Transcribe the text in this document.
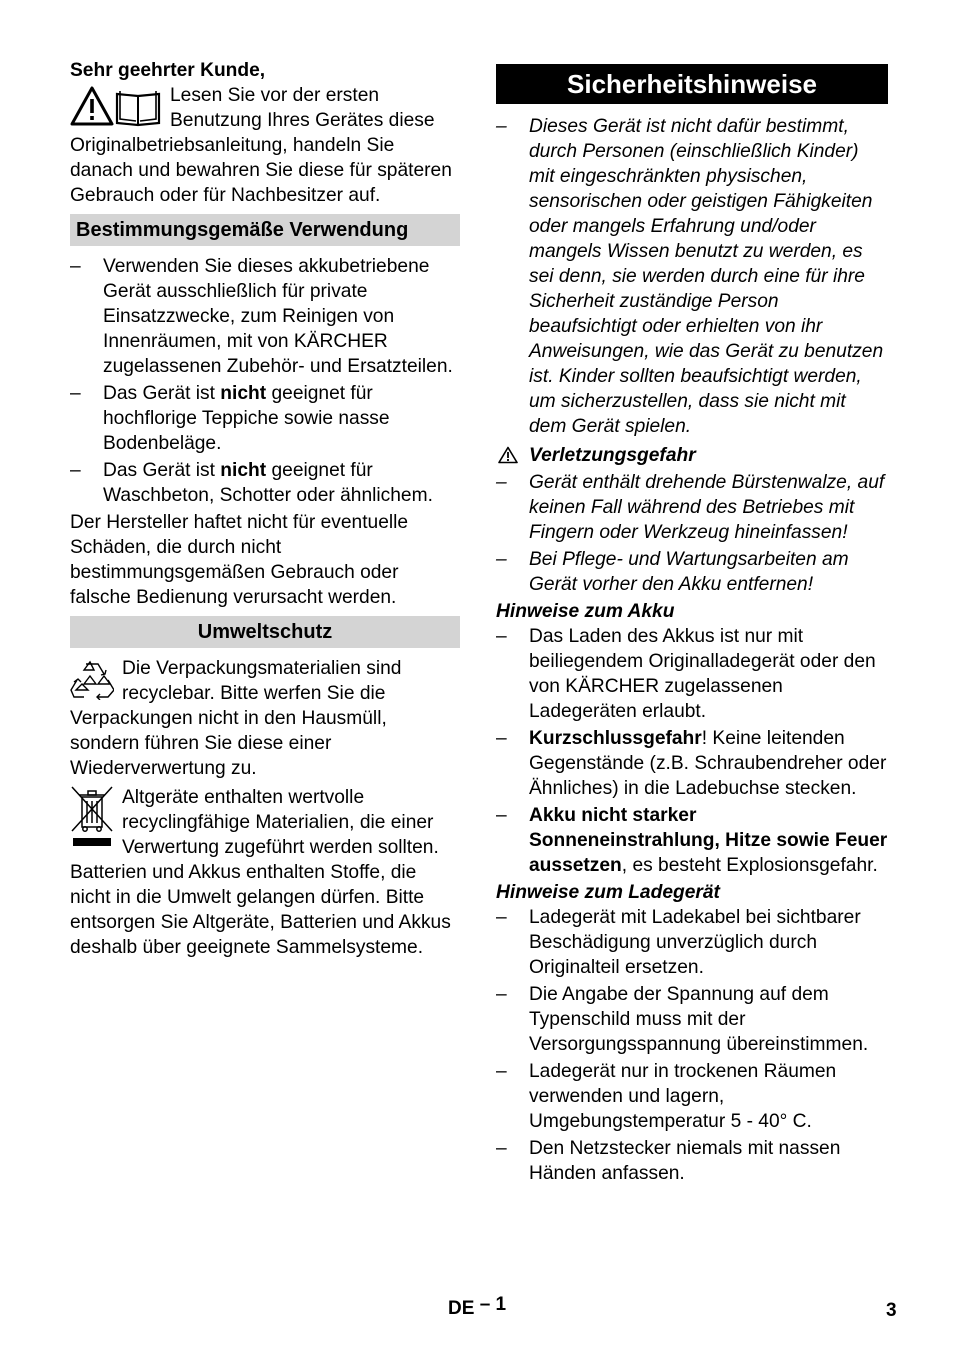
Sehr geehrter Kunde,

Lesen Sie vor der ersten Benutzung Ihres Gerätes diese Originalbetriebsanleitung, handeln Sie danach und bewahren Sie diese für späteren Gebrauch oder für Nachbesitzer auf.

Bestimmungsgemäße Verwendung
– Verwenden Sie dieses akkubetriebene Gerät ausschließlich für private Einsatzzwecke, zum Reinigen von Innenräumen, mit von KÄRCHER zugelassenen Zubehör- und Ersatzteilen.
– Das Gerät ist nicht geeignet für hochflorige Teppiche sowie nasse Bodenbeläge.
– Das Gerät ist nicht geeignet für Waschbeton, Schotter oder ähnlichem.

Der Hersteller haftet nicht für eventuelle Schäden, die durch nicht bestimmungsgemäßen Gebrauch oder falsche Bedienung verursacht werden.

Umweltschutz

Die Verpackungsmaterialien sind recyclebar. Bitte werfen Sie die Verpackungen nicht in den Hausmüll, sondern führen Sie diese einer Wiederverwertung zu.

Altgeräte enthalten wertvolle recyclingfähige Materialien, die einer Verwertung zugeführt werden sollten. Batterien und Akkus enthalten Stoffe, die nicht in die Umwelt gelangen dürfen. Bitte entsorgen Sie Altgeräte, Batterien und Akkus deshalb über geeignete Sammelsysteme.

Sicherheitshinweise
– Dieses Gerät ist nicht dafür bestimmt, durch Personen (einschließlich Kinder) mit eingeschränkten physischen, sensorischen oder geistigen Fähigkeiten oder mangels Erfahrung und/oder mangels Wissen benutzt zu werden, es sei denn, sie werden durch eine für ihre Sicherheit zuständige Person beaufsichtigt oder erhielten von ihr Anweisungen, wie das Gerät zu benutzen ist. Kinder sollten beaufsichtigt werden, um sicherzustellen, dass sie nicht mit dem Gerät spielen.
Verletzungsgefahr
– Gerät enthält drehende Bürstenwalze, auf keinen Fall während des Betriebes mit Fingern oder Werkzeug hineinfassen!
– Bei Pflege- und Wartungsarbeiten am Gerät vorher den Akku entfernen!

Hinweise zum Akku

– Das Laden des Akkus ist nur mit beiliegendem Originalladegerät oder den von KÄRCHER zugelassenen Ladegeräten erlaubt.
– Kurzschlussgefahr! Keine leitenden Gegenstände (z.B. Schraubendreher oder Ähnliches) in die Ladebuchse stecken.
– Akku nicht starker Sonneneinstrahlung, Hitze sowie Feuer aussetzen, es besteht Explosionsgefahr.

Hinweise zum Ladegerät

– Ladegerät mit Ladekabel bei sichtbarer Beschädigung unverzüglich durch Originalteil ersetzen.
– Die Angabe der Spannung auf dem Typenschild muss mit der Versorgungsspannung übereinstimmen.
– Ladegerät nur in trockenen Räumen verwenden und lagern, Umgebungstemperatur 5 - 40° C.
– Den Netzstecker niemals mit nassen Händen anfassen.
DE – 1	3
